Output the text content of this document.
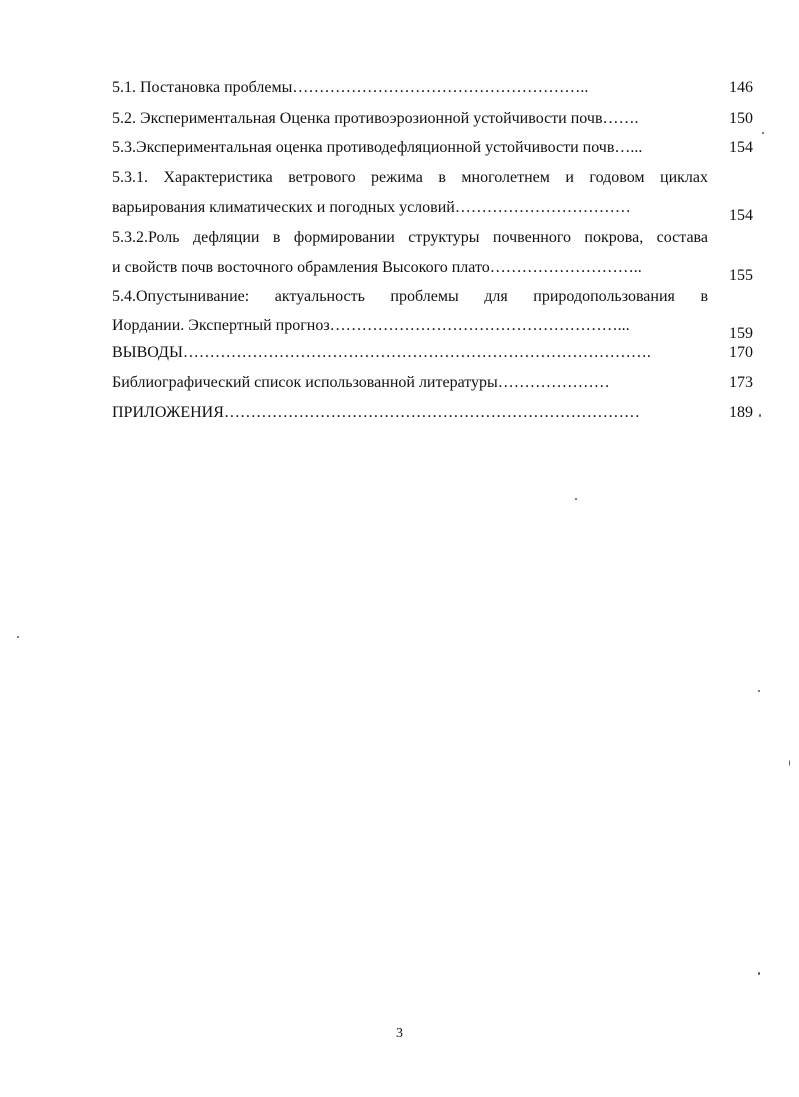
5.1. Постановка проблемы………………………………………………..	146
5.2. Экспериментальная Оценка противоэрозионной устойчивости почв…….	150
5.3.Экспериментальная оценка противодефляционной устойчивости почв…...	154
5.3.1. Характеристика ветрового режима в многолетнем и годовом циклах
варьирования климатических и погодных условий……………………………	154
5.3.2.Роль дефляции в формировании структуры почвенного покрова, состава
и свойств почв восточного обрамления Высокого плато………………………..	155
5.4.Опустынивание: актуальность проблемы для природопользования в
Иордании. Экспертный прогноз………………………………………………...	159
ВЫВОДЫ…………………………………………………………………………….	170
Библиографический список использованной литературы…………………	173
ПРИЛОЖЕНИЯ……………………………………………………………………	189
3
